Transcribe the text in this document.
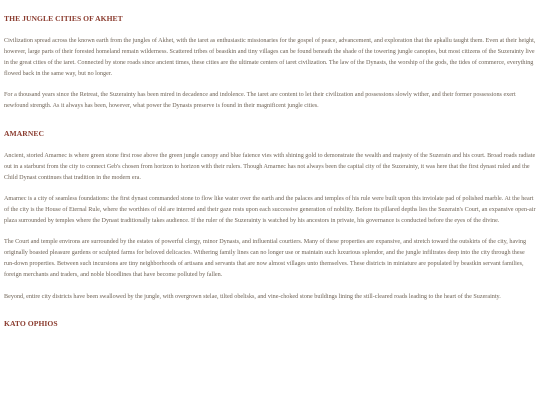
THE JUNGLE CITIES OF AKHET

Civilization spread across the known earth from the jungles of Akhet, with the iaret as enthusiastic missionaries for the gospel of peace, advancement, and exploration that the apkallu taught them. Even at their height, however, large parts of their forested homeland remain wilderness. Scattered tribes of beastkin and tiny villages can be found beneath the shade of the towering jungle canopies, but most citizens of the Suzerainty live in the great cities of the iaret. Connected by stone roads since ancient times, these cities are the ultimate centers of iaret civilization. The law of the Dynasts, the worship of the gods, the tides of commerce, everything flowed back in the same way, but no longer.

For a thousand years since the Retreat, the Suzerainty has been mired in decadence and indolence. The iaret are content to let their civilization and possessions slowly wither, and their former possessions exert newfound strength. As it always has been, however, what power the Dynasts preserve is found in their magnificent jungle cities.

AMARNEC

Ancient, storied Amarnec is where green stone first rose above the green jungle canopy and blue faience vies with shining gold to demonstrate the wealth and majesty of the Suzerain and his court. Broad roads radiate out in a starburst from the city to connect Geb's chosen from horizon to horizon with their rulers. Though Amarnec has not always been the capital city of the Suzerainty, it was here that the first dynast ruled and the Child Dynast continues that tradition in the modern era.

Amarnec is a city of seamless foundations: the first dynast commanded stone to flow like water over the earth and the palaces and temples of his rule were built upon this inviolate pad of polished marble. At the heart of the city is the House of Eternal Rule, where the worthies of old are interred and their gaze rests upon each successive generation of nobility. Before its pillared depths lies the Suzerain's Court, an expansive open-air plaza surrounded by temples where the Dynast traditionally takes audience. If the ruler of the Suzerainty is watched by his ancestors in private, his governance is conducted before the eyes of the divine.

The Court and temple environs are surrounded by the estates of powerful clergy, minor Dynasts, and influential courtiers. Many of these properties are expansive, and stretch toward the outskirts of the city, having originally boasted pleasure gardens or sculpted farms for beloved delicacies. Withering family lines can no longer use or maintain such luxurious splendor, and the jungle infiltrates deep into the city through these run-down properties. Between such incursions are tiny neighborhoods of artisans and servants that are now almost villages unto themselves. These districts in miniature are populated by beastkin servant families, foreign merchants and traders, and noble bloodlines that have become polluted by fallen.

Beyond, entire city districts have been swallowed by the jungle, with overgrown stelae, tilted obelisks, and vine-choked stone buildings lining the still-cleared roads leading to the heart of the Suzerainty.

KATO OPHIOS
